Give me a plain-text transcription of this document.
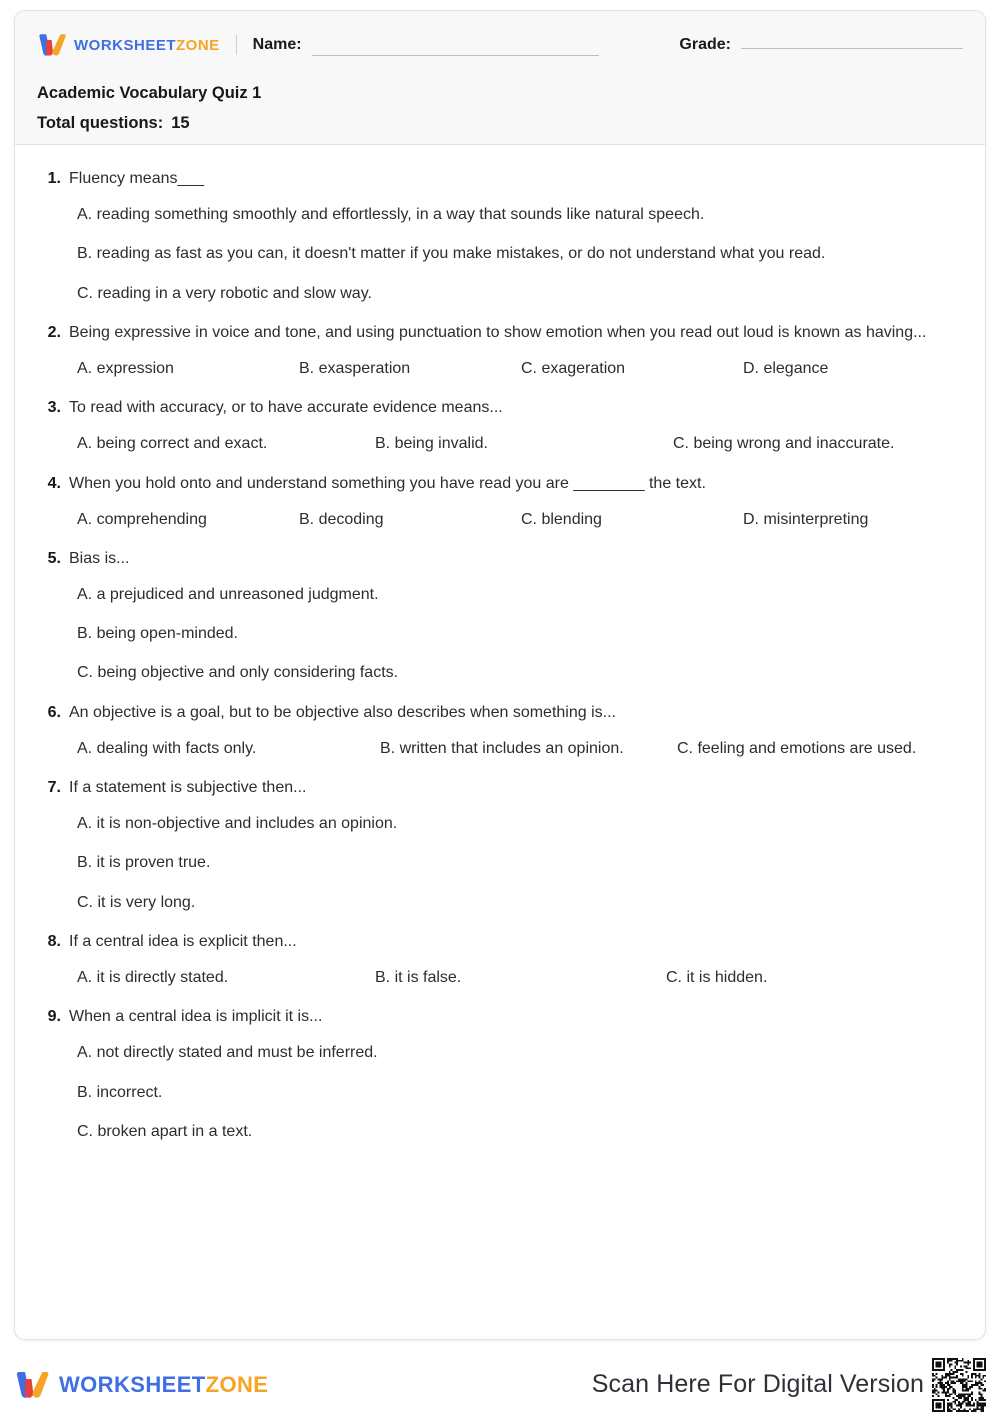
WORKSHEETZONE Name:	Grade:

Academic Vocabulary Quiz 1

Total questions: 15

1. Fluency means___
A. reading something smoothly and effortlessly, in a way that sounds like natural speech.
B. reading as fast as you can, it doesn't matter if you make mistakes, or do not understand what you read.
C. reading in a very robotic and slow way.
2. Being expressive in voice and tone, and using punctuation to show emotion when you read out loud is known as having...
A. expression	B. exasperation	C. exageration	D. elegance
3. To read with accuracy, or to have accurate evidence means...
A. being correct and exact.	B. being invalid.	C. being wrong and inaccurate.
4. When you hold onto and understand something you have read you are ________ the text.
A. comprehending	B. decoding	C. blending	D. misinterpreting
5. Bias is...
A. a prejudiced and unreasoned judgment.
B. being open-minded.
C. being objective and only considering facts.
6. An objective is a goal, but to be objective also describes when something is...
A. dealing with facts only.	B. written that includes an opinion.	C. feeling and emotions are used.
7. If a statement is subjective then...
A. it is non-objective and includes an opinion.
B. it is proven true.
C. it is very long.
8. If a central idea is explicit then...
A. it is directly stated.	B. it is false.	C. it is hidden.
9. When a central idea is implicit it is...
A. not directly stated and must be inferred.
B. incorrect.
C. broken apart in a text.
WORKSHEETZONE	Scan Here For Digital Version
